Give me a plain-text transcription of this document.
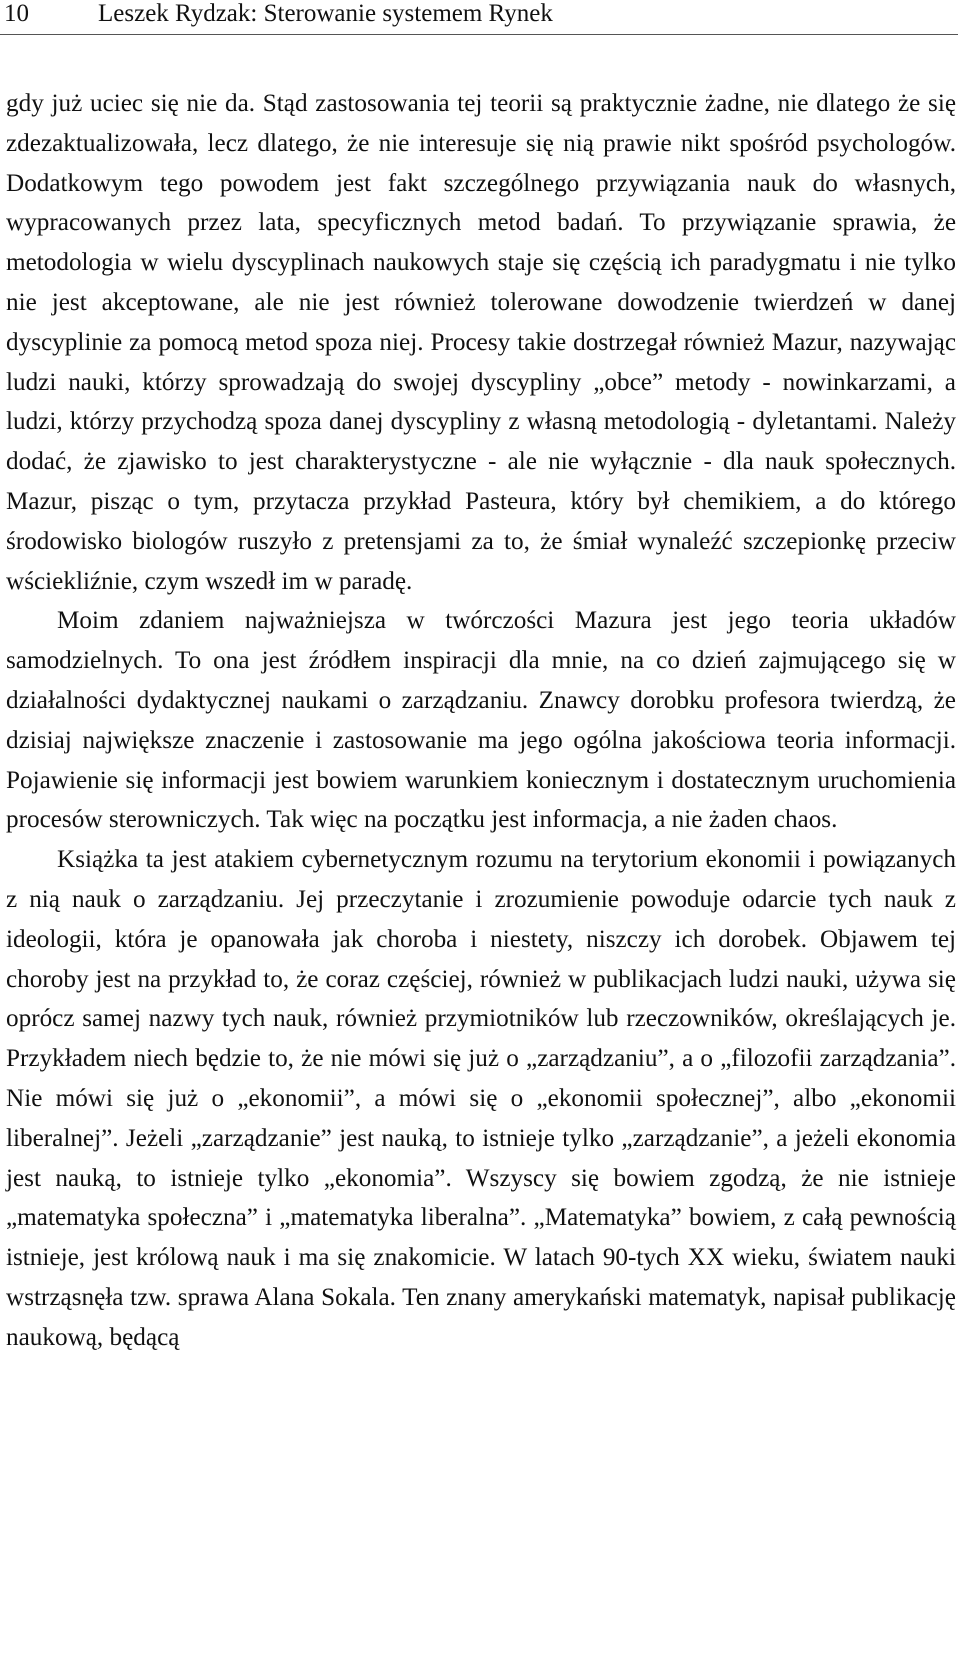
10	Leszek Rydzak: Sterowanie systemem Rynek

gdy już uciec się nie da. Stąd zastosowania tej teorii są praktycznie żadne, nie dlatego że się zdezaktualizowała, lecz dlatego, że nie interesuje się nią prawie nikt spośród psychologów. Dodatkowym tego powodem jest fakt szczególnego przywiązania nauk do własnych, wypracowanych przez lata, specyficznych metod badań. To przywiązanie sprawia, że metodologia w wielu dyscyplinach naukowych staje się częścią ich paradygmatu i nie tylko nie jest akceptowane, ale nie jest również tolerowane dowodzenie twierdzeń w danej dyscyplinie za pomocą metod spoza niej. Procesy takie dostrzegał również Mazur, nazywając ludzi nauki, którzy sprowadzają do swojej dyscypliny „obce” metody - nowinkarzami, a ludzi, którzy przychodzą spoza danej dyscypliny z własną metodologią - dyletantami. Należy dodać, że zjawisko to jest charakterystyczne - ale nie wyłącznie - dla nauk społecznych. Mazur, pisząc o tym, przytacza przykład Pasteura, który był chemikiem, a do którego środowisko biologów ruszyło z pretensjami za to, że śmiał wynaleźć szczepionkę przeciw wściekliźnie, czym wszedł im w paradę.

Moim zdaniem najważniejsza w twórczości Mazura jest jego teoria układów samodzielnych. To ona jest źródłem inspiracji dla mnie, na co dzień zajmującego się w działalności dydaktycznej naukami o zarządzaniu. Znawcy dorobku profesora twierdzą, że dzisiaj największe znaczenie i zastosowanie ma jego ogólna jakościowa teoria informacji. Pojawienie się informacji jest bowiem warunkiem koniecznym i dostatecznym uruchomienia procesów sterowniczych. Tak więc na początku jest informacja, a nie żaden chaos.

Książka ta jest atakiem cybernetycznym rozumu na terytorium ekonomii i powiązanych z nią nauk o zarządzaniu. Jej przeczytanie i zrozumienie powoduje odarcie tych nauk z ideologii, która je opanowała jak choroba i niestety, niszczy ich dorobek. Objawem tej choroby jest na przykład to, że coraz częściej, również w publikacjach ludzi nauki, używa się oprócz samej nazwy tych nauk, również przymiotników lub rzeczowników, określających je. Przykładem niech będzie to, że nie mówi się już o „zarządzaniu”, a o „filozofii zarządzania”. Nie mówi się już o „ekonomii”, a mówi się o „ekonomii społecznej”, albo „ekonomii liberalnej”. Jeżeli „zarządzanie” jest nauką, to istnieje tylko „zarządzanie”, a jeżeli ekonomia jest nauką, to istnieje tylko „ekonomia”. Wszyscy się bowiem zgodzą, że nie istnieje „matematyka społeczna” i „matematyka liberalna”. „Matematyka” bowiem, z całą pewnością istnieje, jest królową nauk i ma się znakomicie. W latach 90-tych XX wieku, światem nauki wstrząsnęła tzw. sprawa Alana Sokala. Ten znany amerykański matematyk, napisał publikację naukową, będącą
